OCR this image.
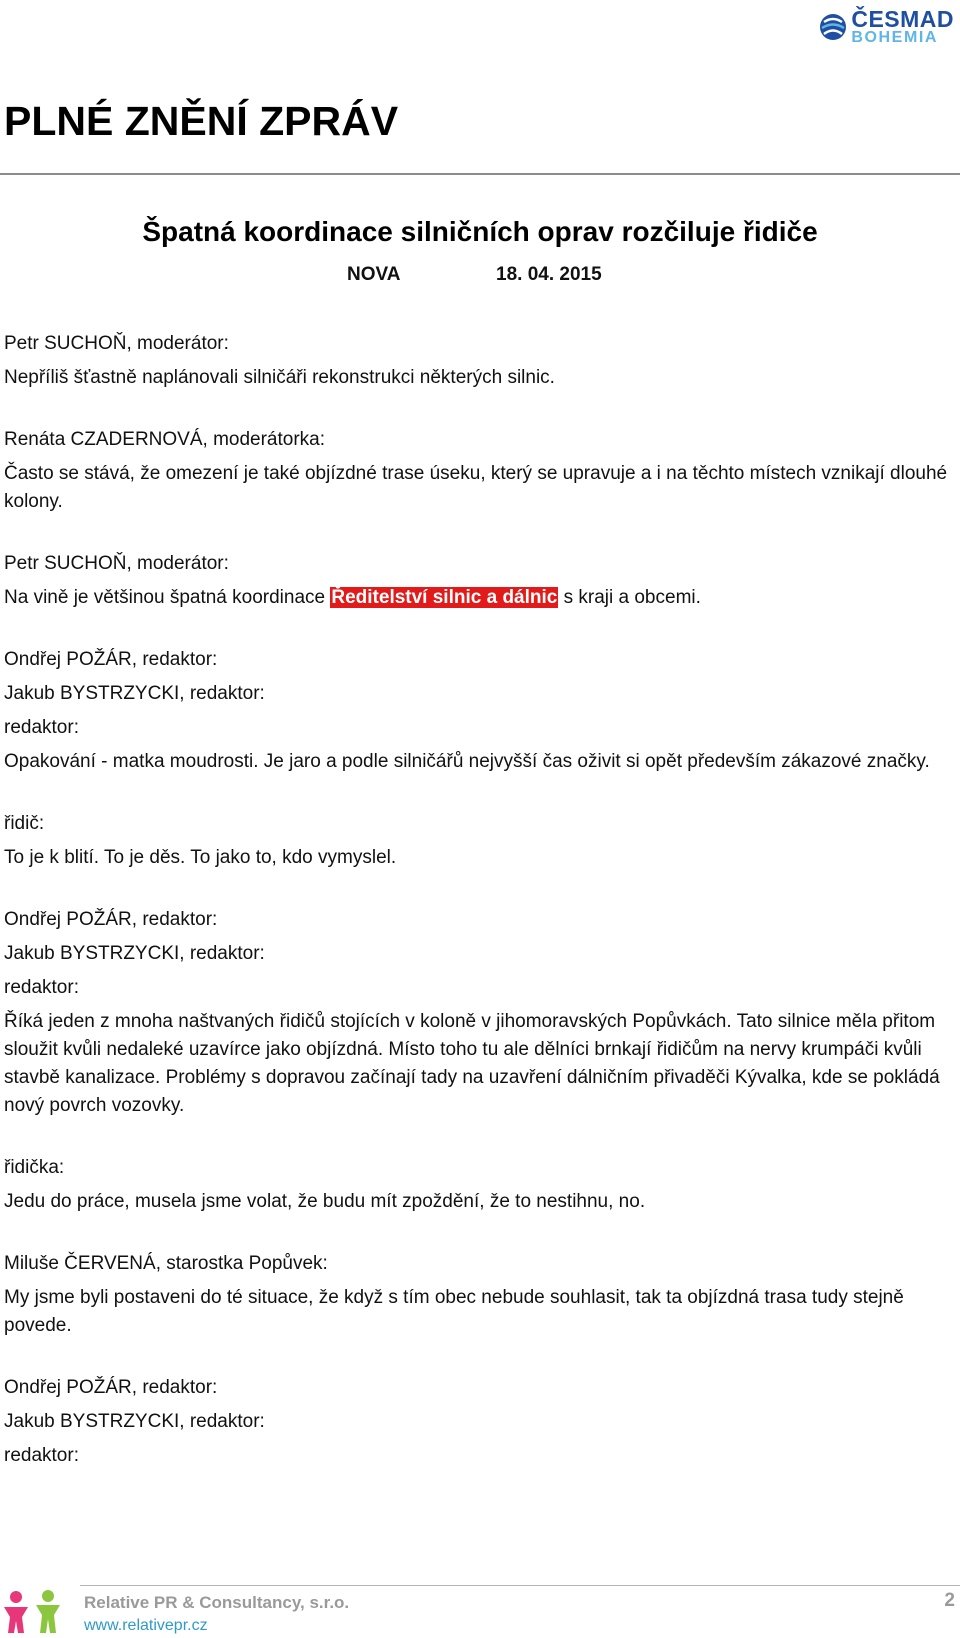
ČESMAD
BOHEMIA
PLNÉ ZNĚNÍ ZPRÁV
Špatná koordinace silničních oprav rozčiluje řidiče
NOVA	18. 04. 2015

Petr SUCHOŇ, moderátor:

Nepříliš šťastně naplánovali silničáři rekonstrukci některých silnic.

Renáta CZADERNOVÁ, moderátorka:

Často se stává, že omezení je také objízdné trase úseku, který se upravuje a i na těchto místech vznikají dlouhé kolony.

Petr SUCHOŇ, moderátor:

Na vině je většinou špatná koordinace Ředitelství silnic a dálnic s kraji a obcemi.

Ondřej POŽÁR, redaktor:

Jakub BYSTRZYCKI, redaktor:

redaktor:

Opakování - matka moudrosti. Je jaro a podle silničářů nejvyšší čas oživit si opět především zákazové značky.

řidič:

To je k blití. To je děs. To jako to, kdo vymyslel.

Ondřej POŽÁR, redaktor:

Jakub BYSTRZYCKI, redaktor:

redaktor:

Říká jeden z mnoha naštvaných řidičů stojících v koloně v jihomoravských Popůvkách. Tato silnice měla přitom sloužit kvůli nedaleké uzavírce jako objízdná. Místo toho tu ale dělníci brnkají řidičům na nervy krumpáči kvůli stavbě kanalizace. Problémy s dopravou začínají tady na uzavření dálničním přivaděči Kývalka, kde se pokládá nový povrch vozovky.

řidička:

Jedu do práce, musela jsme volat, že budu mít zpoždění, že to nestihnu, no.

Miluše ČERVENÁ, starostka Popůvek:

My jsme byli postaveni do té situace, že když s tím obec nebude souhlasit, tak ta objízdná trasa tudy stejně povede.

Ondřej POŽÁR, redaktor:

Jakub BYSTRZYCKI, redaktor:

redaktor:

Relative PR & Consultancy, s.r.o.
www.relativepr.cz
2
